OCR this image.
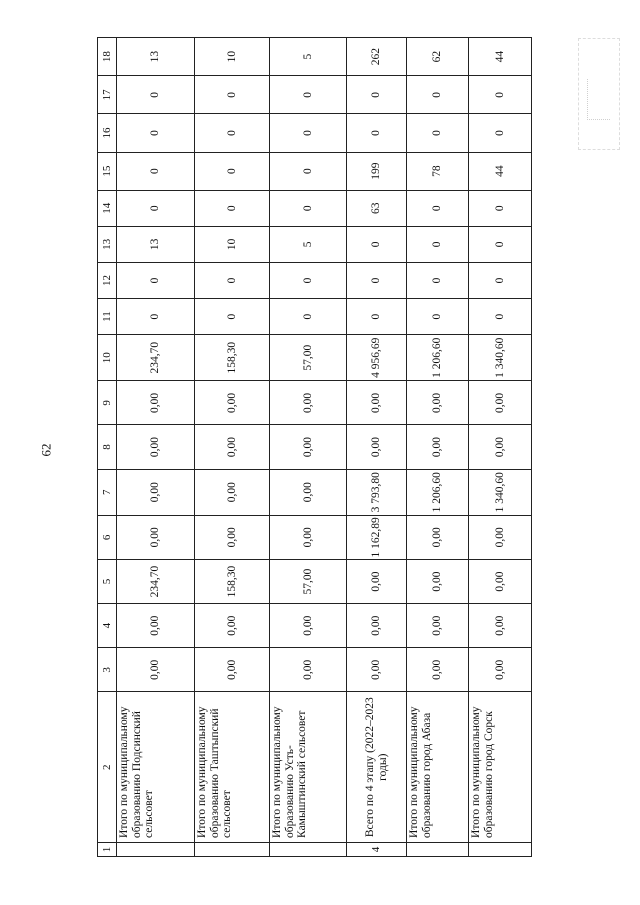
62
1	2	3	4	5	6	7	8	9	10	11	12	13	14	15	16	17	18
	Итого по муниципальному образованию Подсинский сельсовет	0,00	0,00	234,70	0,00	0,00	0,00	0,00	234,70	0	0	13	0	0	0	0	13
	Итого по муниципальному образованию Таштыпский сельсовет	0,00	0,00	158,30	0,00	0,00	0,00	0,00	158,30	0	0	10	0	0	0	0	10
	Итого по муниципальному образованию Усть-Камыштинский сельсовет	0,00	0,00	57,00	0,00	0,00	0,00	0,00	57,00	0	0	5	0	0	0	0	5
4	Всего по 4 этапу (2022–2023 годы)	0,00	0,00	0,00	1 162,89	3 793,80	0,00	0,00	4 956,69	0	0	0	63	199	0	0	262
	Итого по муниципальному образованию город Абаза	0,00	0,00	0,00	0,00	1 206,60	0,00	0,00	1 206,60	0	0	0	0	78	0	0	62
	Итого по муниципальному образованию город Сорск	0,00	0,00	0,00	0,00	1 340,60	0,00	0,00	1 340,60	0	0	0	0	44	0	0	44
